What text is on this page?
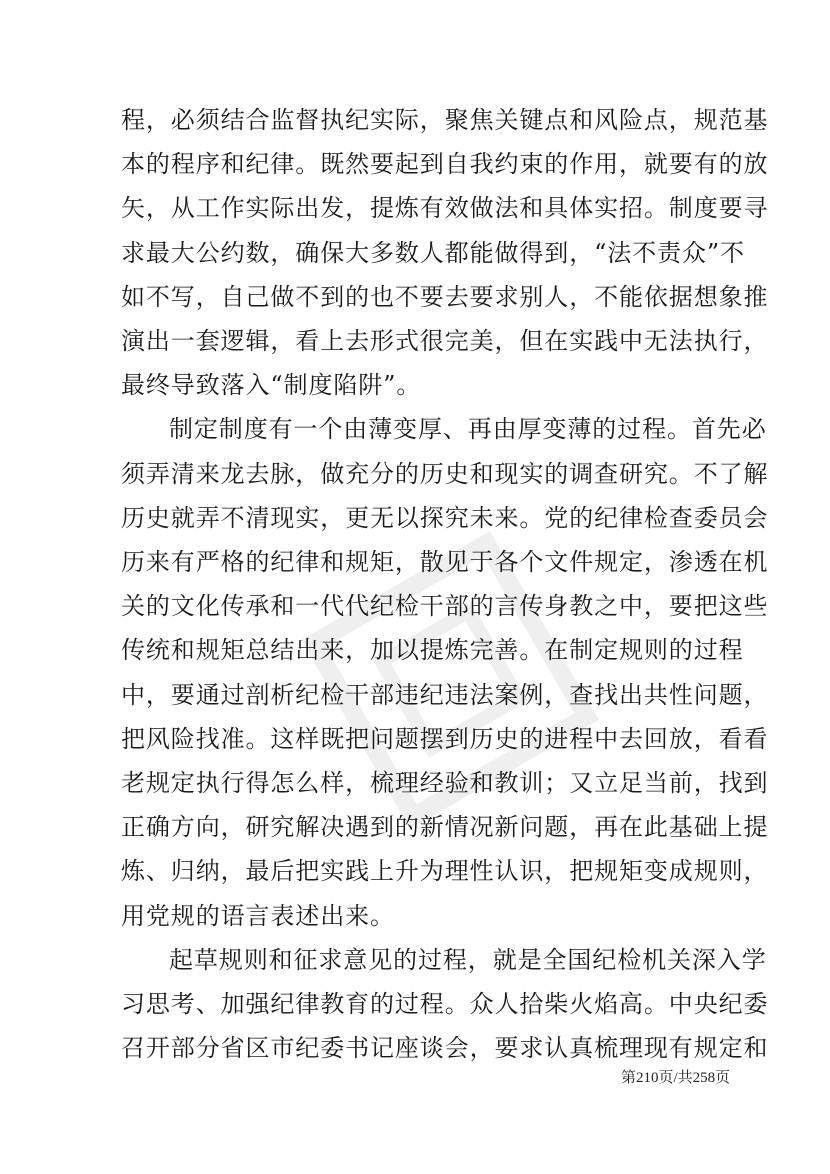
程，必须结合监督执纪实际，聚焦关键点和风险点，规范基
本的程序和纪律。既然要起到自我约束的作用，就要有的放
矢，从工作实际出发，提炼有效做法和具体实招。制度要寻
求最大公约数，确保大多数人都能做得到，“法不责众”不
如不写，自己做不到的也不要去要求别人，不能依据想象推
演出一套逻辑，看上去形式很完美，但在实践中无法执行，
最终导致落入“制度陷阱”。
制定制度有一个由薄变厚、再由厚变薄的过程。首先必
须弄清来龙去脉，做充分的历史和现实的调查研究。不了解
历史就弄不清现实，更无以探究未来。党的纪律检查委员会
历来有严格的纪律和规矩，散见于各个文件规定，渗透在机
关的文化传承和一代代纪检干部的言传身教之中，要把这些
传统和规矩总结出来，加以提炼完善。在制定规则的过程
中，要通过剖析纪检干部违纪违法案例，查找出共性问题，
把风险找准。这样既把问题摆到历史的进程中去回放，看看
老规定执行得怎么样，梳理经验和教训；又立足当前，找到
正确方向，研究解决遇到的新情况新问题，再在此基础上提
炼、归纳，最后把实践上升为理性认识，把规矩变成规则，
用党规的语言表述出来。
起草规则和征求意见的过程，就是全国纪检机关深入学
习思考、加强纪律教育的过程。众人拾柴火焰高。中央纪委
召开部分省区市纪委书记座谈会，要求认真梳理现有规定和
第210页/共258页
